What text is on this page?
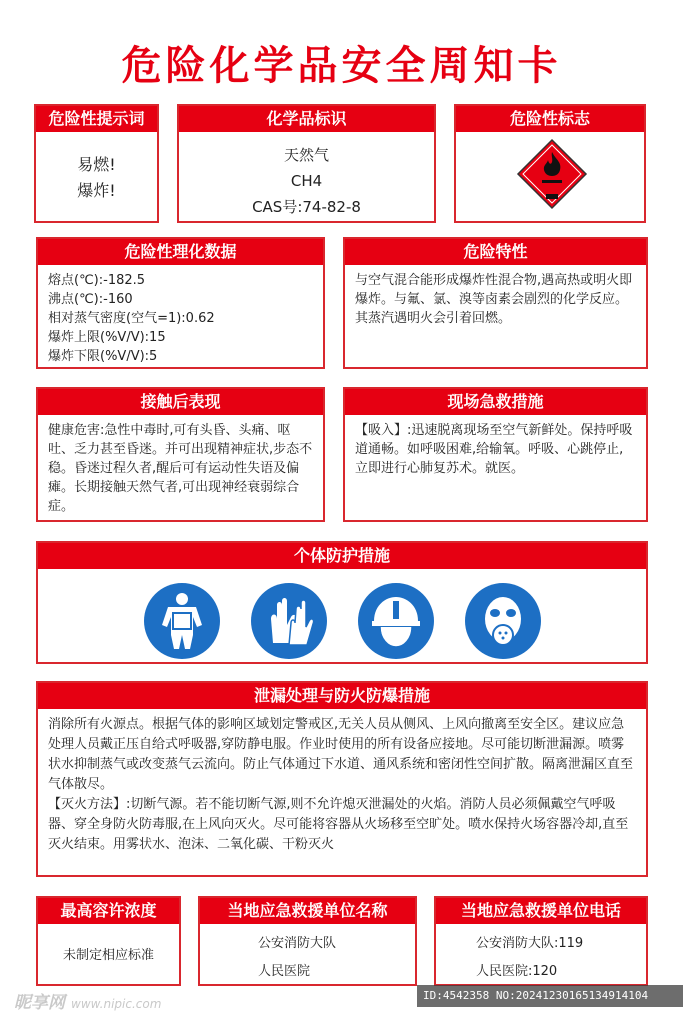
危险化学品安全周知卡
危险性提示词
易燃!
爆炸!
化学品标识
天然气
CH4
CAS号:74-82-8
危险性标志
危险性理化数据
熔点(℃):-182.5
沸点(℃):-160
相对蒸气密度(空气=1):0.62
爆炸上限(%V/V):15
爆炸下限(%V/V):5
危险特性
与空气混合能形成爆炸性混合物,遇高热或明火即爆炸。与氟、氯、溴等卤素会剧烈的化学反应。其蒸汽遇明火会引着回燃。
接触后表现
健康危害:急性中毒时,可有头昏、头痛、呕吐、乏力甚至昏迷。并可出现精神症状,步态不稳。昏迷过程久者,醒后可有运动性失语及偏瘫。长期接触天然气者,可出现神经衰弱综合症。
现场急救措施
【吸入】:迅速脱离现场至空气新鲜处。保持呼吸道通畅。如呼吸困难,给输氧。呼吸、心跳停止,立即进行心肺复苏术。就医。
个体防护措施
泄漏处理与防火防爆措施
消除所有火源点。根据气体的影响区域划定警戒区,无关人员从侧风、上风向撤离至安全区。建议应急处理人员戴正压自给式呼吸器,穿防静电服。作业时使用的所有设备应接地。尽可能切断泄漏源。喷雾状水抑制蒸气或改变蒸气云流向。防止气体通过下水道、通风系统和密闭性空间扩散。隔离泄漏区直至气体散尽。
【灭火方法】:切断气源。若不能切断气源,则不允许熄灭泄漏处的火焰。消防人员必须佩戴空气呼吸器、穿全身防火防毒服,在上风向灭火。尽可能将容器从火场移至空旷处。喷水保持火场容器冷却,直至灭火结束。用雾状水、泡沫、二氧化碳、干粉灭火
最高容许浓度
未制定相应标准
当地应急救援单位名称
公安消防大队
人民医院
当地应急救援单位电话
公安消防大队:119
人民医院:120
昵享网 www.nipic.com
ID:4542358 NO:20241230165134914104
